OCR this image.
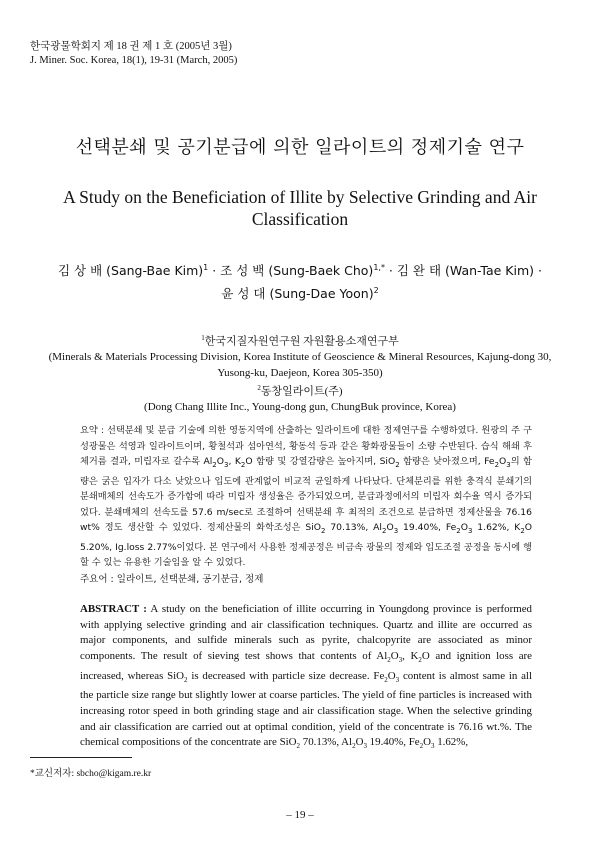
한국광물학회지 제 18 권 제 1 호 (2005년 3월)
J. Miner. Soc. Korea, 18(1), 19-31 (March, 2005)
선택분쇄 및 공기분급에 의한 일라이트의 정제기술 연구
A Study on the Beneficiation of Illite by Selective Grinding and Air Classification
김 상 배 (Sang-Bae Kim)$^1$ · 조 성 백 (Sung-Baek Cho)$^{1,*}$ · 김 완 태 (Wan-Tae Kim) ·
윤 성 대 (Sung-Dae Yoon)$^2$
$^1$한국지질자원연구원 자원활용소재연구부
(Minerals & Materials Processing Division, Korea Institute of Geoscience & Mineral Resources, Kajung-dong 30,
Yusong-ku, Daejeon, Korea 305-350)
$^2$동창일라이트(주)
(Dong Chang Illite Inc., Young-dong gun, ChungBuk province, Korea)
요약 : 선택분쇄 및 분급 기술에 의한 영동지역에 산출하는 일라이트에 대한 정제연구를 수행하였다. 원광의 주 구성광물은 석영과 일라이트이며, 황철석과 섬아연석, 황동석 등과 같은 황화광물들이 소량 수반된다. 습식 해쇄 후 체거름 결과, 미립자로 갈수록 $Al_2O_3$, $K_2O$ 함량 및 강열감량은 높아지며, SiO$_2$ 함량은 낮아졌으며, $Fe_2O_3$의 함량은 굵은 입자가 다소 낮았으나 입도에 관계없이 비교적 균일하게 나타났다. 단체분리를 위한 충격식 분쇄기의 분쇄매체의 선속도가 증가함에 따라 미립자 생성율은 증가되었으며, 분급과정에서의 미립자 회수율 역시 증가되었다. 분쇄매체의 선속도를 57.6 m/sec로 조절하여 선택분쇄 후 최적의 조건으로 분급하면 정제산물을 76.16 wt% 정도 생산할 수 있었다. 정제산물의 화학조성은 SiO$_2$ 70.13%, $Al_2O_3$ 19.40%, $Fe_2O_3$ 1.62%, $K_2O$ 5.20%, Ig.loss 2.77%이었다. 본 연구에서 사용한 정제공정은 비금속 광물의 정제와 입도조절 공정을 동시에 행할 수 있는 유용한 기술임을 알 수 있었다.
주요어 : 일라이트, 선택분쇄, 공기분급, 정제
ABSTRACT : A study on the beneficiation of illite occurring in Youngdong province is performed with applying selective grinding and air classification techniques. Quartz and illite are occurred as major components, and sulfide minerals such as pyrite, chalcopyrite are associated as minor components. The result of sieving test shows that contents of $Al_2O_3$, $K_2O$ and ignition loss are increased, whereas SiO$_2$ is decreased with particle size decrease. $Fe_2O_3$ content is almost same in all the particle size range but slightly lower at coarse particles. The yield of fine particles is increased with increasing rotor speed in both grinding stage and air classification stage. When the selective grinding and air classification are carried out at optimal condition, yield of the concentrate is 76.16 wt.%. The chemical compositions of the concentrate are SiO$_2$ 70.13%, $Al_2O_3$ 19.40%, $Fe_2O_3$ 1.62%,
*교신저자: sbcho@kigam.re.kr
– 19 –
